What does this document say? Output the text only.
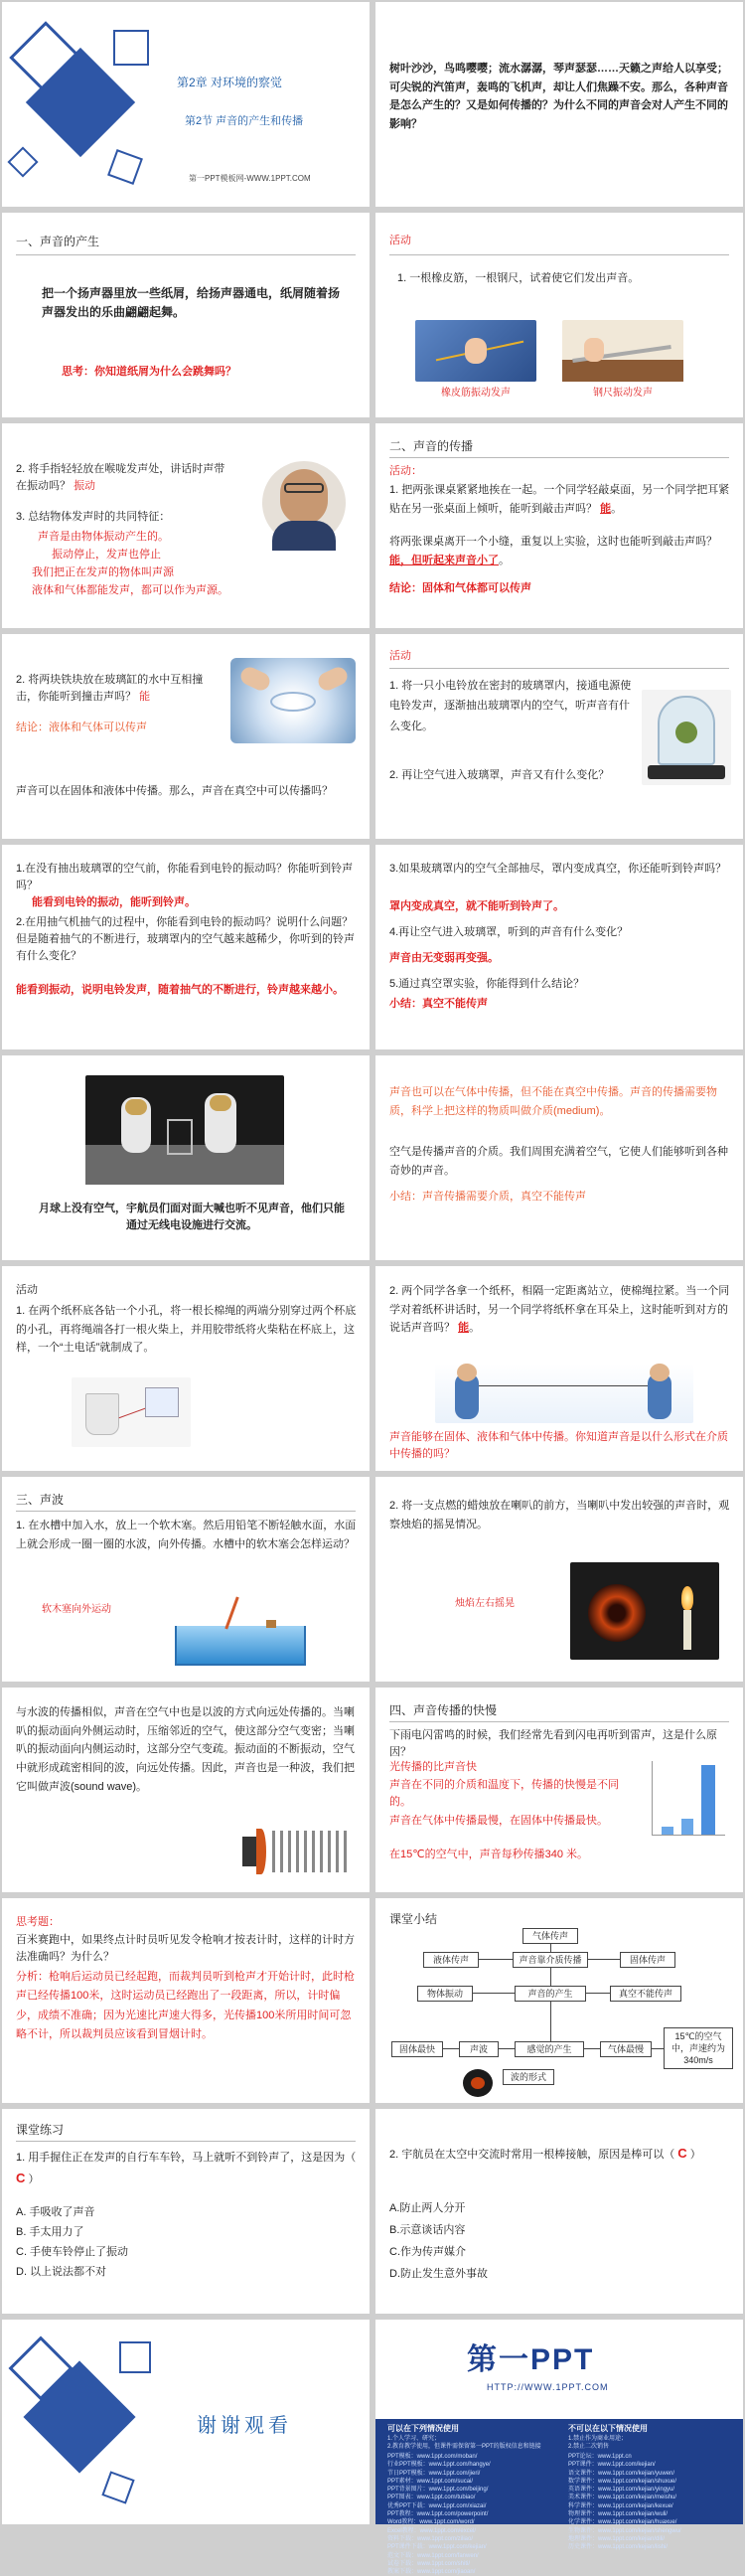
第2章 对环境的察觉
第2节 声音的产生和传播
第一PPT模板网-WWW.1PPT.COM
树叶沙沙，鸟鸣嘤嘤；流水潺潺，琴声瑟瑟……天籁之声给人以享受；可尖锐的汽笛声，轰鸣的飞机声，却让人们焦躁不安。那么，各种声音是怎么产生的？又是如何传播的？为什么不同的声音会对人产生不同的影响？
一、声音的产生
把一个扬声器里放一些纸屑，给扬声器通电，纸屑随着扬声器发出的乐曲翩翩起舞。
思考：你知道纸屑为什么会跳舞吗？
活动
1. 一根橡皮筋，一根钢尺，试着使它们发出声音。
橡皮筋振动发声	钢尺振动发声
2. 将手指轻轻放在喉咙发声处，讲话时声带在振动吗？ 振动
3. 总结物体发声时的共同特征：
声音是由物体振动产生的。
振动停止，发声也停止
我们把正在发声的物体叫声源
液体和气体都能发声，都可以作为声源。
二、声音的传播
活动：
1. 把两张课桌紧紧地挨在一起。一个同学轻敲桌面，另一个同学把耳紧贴在另一张桌面上倾听，能听到敲击声吗？ 能。
将两张课桌离开一个小缝，重复以上实验，这时也能听到敲击声吗？ 能，但听起来声音小了。
结论：固体和气体都可以传声
2. 将两块铁块放在玻璃缸的水中互相撞击，你能听到撞击声吗？ 能
结论：液体和气体可以传声
声音可以在固体和液体中传播。那么，声音在真空中可以传播吗？
活动
1. 将一只小电铃放在密封的玻璃罩内，接通电源使电铃发声，逐渐抽出玻璃罩内的空气，听声音有什么变化。
2. 再让空气进入玻璃罩，声音又有什么变化？
1.在没有抽出玻璃罩的空气前，你能看到电铃的振动吗？你能听到铃声吗？
能看到电铃的振动，能听到铃声。
2.在用抽气机抽气的过程中，你能看到电铃的振动吗？说明什么问题？但是随着抽气的不断进行，玻璃罩内的空气越来越稀少，你听到的铃声有什么变化？
能看到振动，说明电铃发声，随着抽气的不断进行，铃声越来越小。
3.如果玻璃罩内的空气全部抽尽，罩内变成真空，你还能听到铃声吗？
罩内变成真空，就不能听到铃声了。
4.再让空气进入玻璃罩，听到的声音有什么变化？
声音由无变弱再变强。
5.通过真空罩实验，你能得到什么结论？
小结：真空不能传声
月球上没有空气，宇航员们面对面大喊也听不见声音，他们只能通过无线电设施进行交流。
声音也可以在气体中传播，但不能在真空中传播。声音的传播需要物质，科学上把这样的物质叫做介质(medium)。
空气是传播声音的介质。我们周围充满着空气，它使人们能够听到各种奇妙的声音。
小结：声音传播需要介质，真空不能传声
活动
1. 在两个纸杯底各钻一个小孔，将一根长棉绳的两端分别穿过两个杯底的小孔，再将绳端各打一根火柴上，并用胶带纸将火柴粘在杯底上，这样，一个“土电话”就制成了。
2. 两个同学各拿一个纸杯，相隔一定距离站立，使棉绳拉紧。当一个同学对着纸杯讲话时，另一个同学将纸杯拿在耳朵上，这时能听到对方的说话声音吗？ 能。
声音能够在固体、液体和气体中传播。你知道声音是以什么形式在介质中传播的吗？
三、声波
1. 在水槽中加入水，放上一个软木塞。然后用铅笔不断轻触水面，水面上就会形成一圈一圈的水波，向外传播。水槽中的软木塞会怎样运动？
软木塞向外运动
2. 将一支点燃的蜡烛放在喇叭的前方，当喇叭中发出较强的声音时，观察烛焰的摇晃情况。
烛焰左右摇晃
与水波的传播相似，声音在空气中也是以波的方式向远处传播的。当喇叭的振动面向外侧运动时，压缩邻近的空气，使这部分空气变密；当喇叭的振动面向内侧运动时，这部分空气变疏。振动面的不断振动，空气中就形成疏密相间的波，向远处传播。因此，声音也是一种波，我们把它叫做声波(sound wave)。
四、声音传播的快慢
下雨电闪雷鸣的时候，我们经常先看到闪电再听到雷声，这是什么原因？
光传播的比声音快
声音在不同的介质和温度下，传播的快慢是不同的。
声音在气体中传播最慢，在固体中传播最快。
在15℃的空气中，声音每秒传播340 米。
思考题：
百米赛跑中，如果终点计时员听见发令枪响才按表计时，这样的计时方法准确吗？为什么？
分析：枪响后运动员已经起跑，而裁判员听到枪声才开始计时，此时枪声已经传播100米，这时运动员已经跑出了一段距离，所以，计时偏少，成绩不准确；因为光速比声速大得多，光传播100米所用时间可忽略不计，所以裁判员应该看到冒烟计时。
课堂小结
气体传声
液体传声	声音靠介质传播	固体传声
物体振动	声音的产生	真空不能传声
固体最快	声波	感觉的产生	气体最慢
波的形式
15℃的空气中，声速约为340m/s
课堂练习
1. 用手握住正在发声的自行车车铃，马上就听不到铃声了，这是因为（ C ）
A. 手吸收了声音
B. 手太用力了
C. 手使车铃停止了振动
D. 以上说法都不对
2. 宇航员在太空中交流时常用一根棒接触，原因是棒可以（ C ）
A.防止两人分开
B.示意谈话内容
C.作为传声媒介
D.防止发生意外事故
谢谢观看
第一PPT
HTTP://WWW.1PPT.COM
可以在下列情况使用	不可以在以下情况使用
1.个人学习、研究；
2.教育教学使用，但课件需保留第一PPT的版权信息和链接
1.禁止作为商业用途；
2.禁止二次销售
PPT模板：www.1ppt.com/moban/
行业PPT模板：www.1ppt.com/hangye/
节日PPT模板：www.1ppt.com/jieri/
PPT素材：www.1ppt.com/sucai/
PPT背景图片：www.1ppt.com/beijing/
PPT图表：www.1ppt.com/tubiao/
优秀PPT下载：www.1ppt.com/xiazai/
PPT教程：www.1ppt.com/powerpoint/
Word教程：www.1ppt.com/word/
Excel教程：www.1ppt.com/excel/
资料下载：www.1ppt.com/ziliao/
PPT课件下载：www.1ppt.com/kejian/
范文下载：www.1ppt.com/fanwen/
试卷下载：www.1ppt.com/shiti/
教案下载：www.1ppt.com/jiaoan/
PPT论坛：www.1ppt.cn
PPT课件：www.1ppt.com/kejian/
语文课件：www.1ppt.com/kejian/yuwen/
数学课件：www.1ppt.com/kejian/shuxue/
英语课件：www.1ppt.com/kejian/yingyu/
美术课件：www.1ppt.com/kejian/meishu/
科学课件：www.1ppt.com/kejian/kexue/
物理课件：www.1ppt.com/kejian/wuli/
化学课件：www.1ppt.com/kejian/huaxue/
生物课件：www.1ppt.com/kejian/shengwu/
地理课件：www.1ppt.com/kejian/dili/
历史课件：www.1ppt.com/kejian/lishi/
